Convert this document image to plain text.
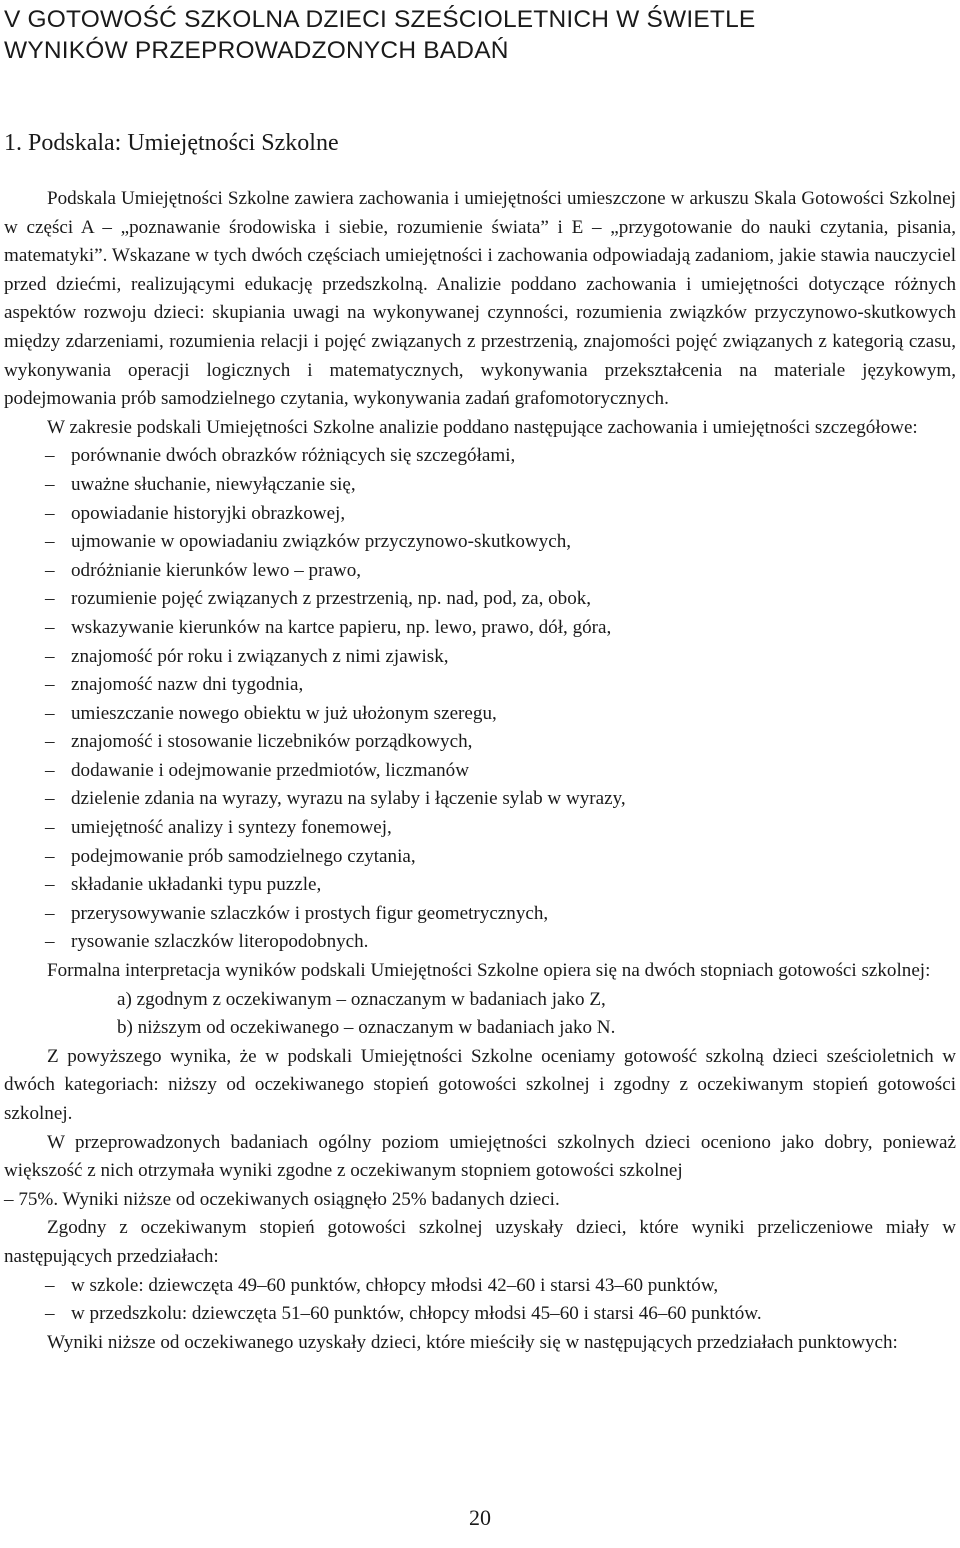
V GOTOWOŚĆ SZKOLNA DZIECI SZEŚCIOLETNICH W ŚWIETLE
WYNIKÓW PRZEPROWADZONYCH BADAŃ
1. Podskala: Umiejętności Szkolne

Podskala Umiejętności Szkolne zawiera zachowania i umiejętności umieszczone w arkuszu Skala Gotowości Szkolnej w części A – „poznawanie środowiska i siebie, rozumienie świata” i E – „przygotowanie do nauki czytania, pisania, matematyki”. Wskazane w tych dwóch częściach umiejętności i zachowania odpowiadają zadaniom, jakie stawia nauczyciel przed dziećmi, realizującymi edukację przedszkolną. Analizie poddano zachowania i umiejętności dotyczące różnych aspektów rozwoju dzieci: skupiania uwagi na wykonywanej czynności, rozumienia związków przyczynowo-skutkowych między zdarzeniami, rozumienia relacji i pojęć związanych z przestrzenią, znajomości pojęć związanych z kategorią czasu, wykonywania operacji logicznych i matematycznych, wykonywania przekształcenia na materiale językowym, podejmowania prób samodzielnego czytania, wykonywania zadań grafomotorycznych.

W zakresie podskali Umiejętności Szkolne analizie poddano następujące zachowania i umiejętności szczegółowe:

– porównanie dwóch obrazków różniących się szczegółami,
– uważne słuchanie, niewyłączanie się,
– opowiadanie historyjki obrazkowej,
– ujmowanie w opowiadaniu związków przyczynowo-skutkowych,
– odróżnianie kierunków lewo – prawo,
– rozumienie pojęć związanych z przestrzenią, np. nad, pod, za, obok,
– wskazywanie kierunków na kartce papieru, np. lewo, prawo, dół, góra,
– znajomość pór roku i związanych z nimi zjawisk,
– znajomość nazw dni tygodnia,
– umieszczanie nowego obiektu w już ułożonym szeregu,
– znajomość i stosowanie liczebników porządkowych,
– dodawanie i odejmowanie przedmiotów, liczmanów
– dzielenie zdania na wyrazy, wyrazu na sylaby i łączenie sylab w wyrazy,
– umiejętność analizy i syntezy fonemowej,
– podejmowanie prób samodzielnego czytania,
– składanie układanki typu puzzle,
– przerysowywanie szlaczków i prostych figur geometrycznych,
– rysowanie szlaczków literopodobnych.

Formalna interpretacja wyników podskali Umiejętności Szkolne opiera się na dwóch stopniach gotowości szkolnej:

a) zgodnym z oczekiwanym – oznaczanym w badaniach jako Z,
b) niższym od oczekiwanego – oznaczanym w badaniach jako N.

Z powyższego wynika, że w podskali Umiejętności Szkolne oceniamy gotowość szkolną dzieci sześcioletnich w dwóch kategoriach: niższy od oczekiwanego stopień gotowości szkolnej i zgodny z oczekiwanym stopień gotowości szkolnej.

W przeprowadzonych badaniach ogólny poziom umiejętności szkolnych dzieci oceniono jako dobry, ponieważ większość z nich otrzymała wyniki zgodne z oczekiwanym stopniem gotowości szkolnej

– 75%. Wyniki niższe od oczekiwanych osiągnęło 25% badanych dzieci.

Zgodny z oczekiwanym stopień gotowości szkolnej uzyskały dzieci, które wyniki przeliczeniowe miały w następujących przedziałach:

– w szkole: dziewczęta 49–60 punktów, chłopcy młodsi 42–60 i starsi 43–60 punktów,
– w przedszkolu: dziewczęta 51–60 punktów, chłopcy młodsi 45–60 i starsi 46–60 punktów.

Wyniki niższe od oczekiwanego uzyskały dzieci, które mieściły się w następujących przedziałach punktowych:

20
